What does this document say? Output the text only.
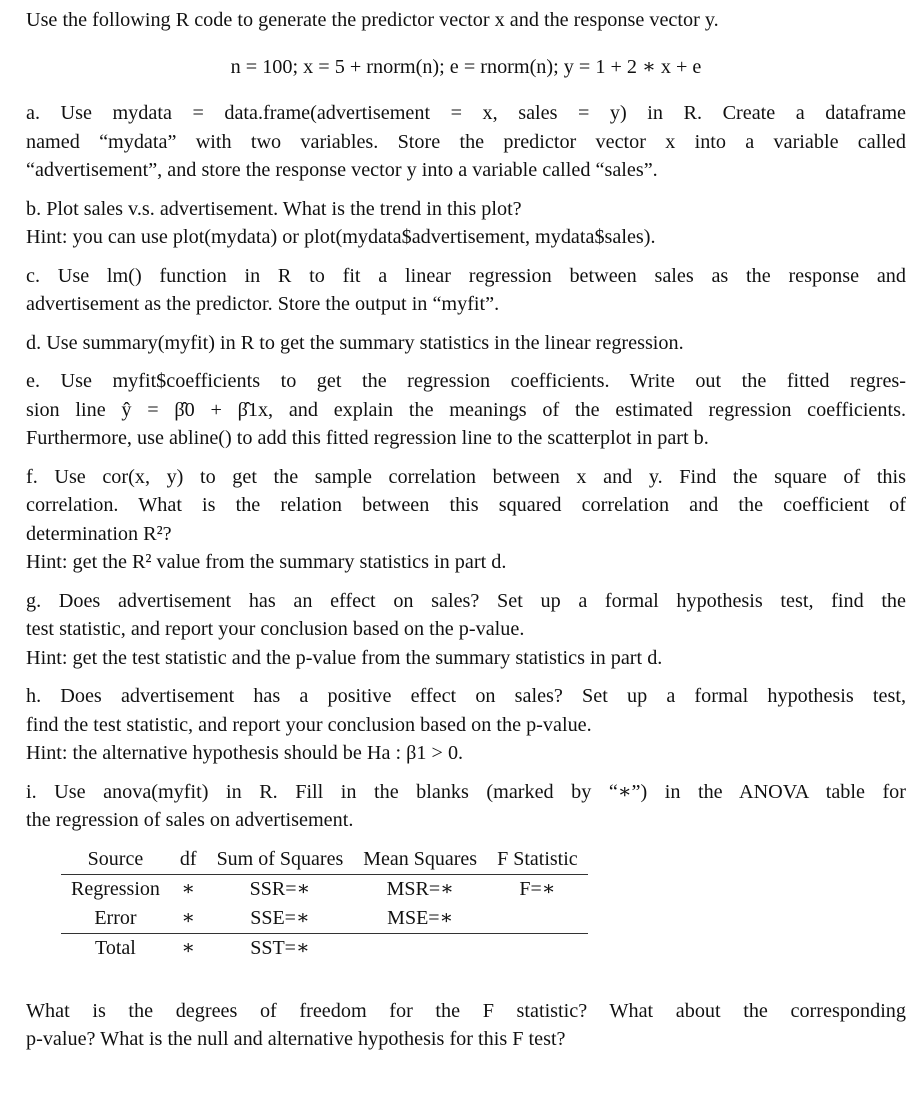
Use the following R code to generate the predictor vector x and the response vector y.
n = 100; x = 5 + rnorm(n); e = rnorm(n); y = 1 + 2 ∗ x + e
a. Use mydata = data.frame(advertisement = x, sales = y) in R. Create a dataframe
named “mydata” with two variables. Store the predictor vector x into a variable called
“advertisement”, and store the response vector y into a variable called “sales”.
b. Plot sales v.s. advertisement. What is the trend in this plot?
Hint: you can use plot(mydata) or plot(mydata$advertisement, mydata$sales).
c. Use lm() function in R to fit a linear regression between sales as the response and
advertisement as the predictor. Store the output in “myfit”.
d. Use summary(myfit) in R to get the summary statistics in the linear regression.
e. Use myfit$coefficients to get the regression coefficients. Write out the fitted regres-
sion line ŷ = β̂0 + β̂1x, and explain the meanings of the estimated regression coefficients.
Furthermore, use abline() to add this fitted regression line to the scatterplot in part b.
f. Use cor(x, y) to get the sample correlation between x and y. Find the square of this
correlation. What is the relation between this squared correlation and the coefficient of
determination R²?
Hint: get the R² value from the summary statistics in part d.
g. Does advertisement has an effect on sales? Set up a formal hypothesis test, find the
test statistic, and report your conclusion based on the p-value.
Hint: get the test statistic and the p-value from the summary statistics in part d.
h. Does advertisement has a positive effect on sales? Set up a formal hypothesis test,
find the test statistic, and report your conclusion based on the p-value.
Hint: the alternative hypothesis should be Ha : β1 > 0.
i. Use anova(myfit) in R. Fill in the blanks (marked by “∗”) in the ANOVA table for
the regression of sales on advertisement.
Source	df	Sum of Squares	Mean Squares	F Statistic
Regression	∗	SSR=∗	MSR=∗	F=∗
Error	∗	SSE=∗	MSE=∗	
Total	∗	SST=∗		
What is the degrees of freedom for the F statistic? What about the corresponding
p-value? What is the null and alternative hypothesis for this F test?
